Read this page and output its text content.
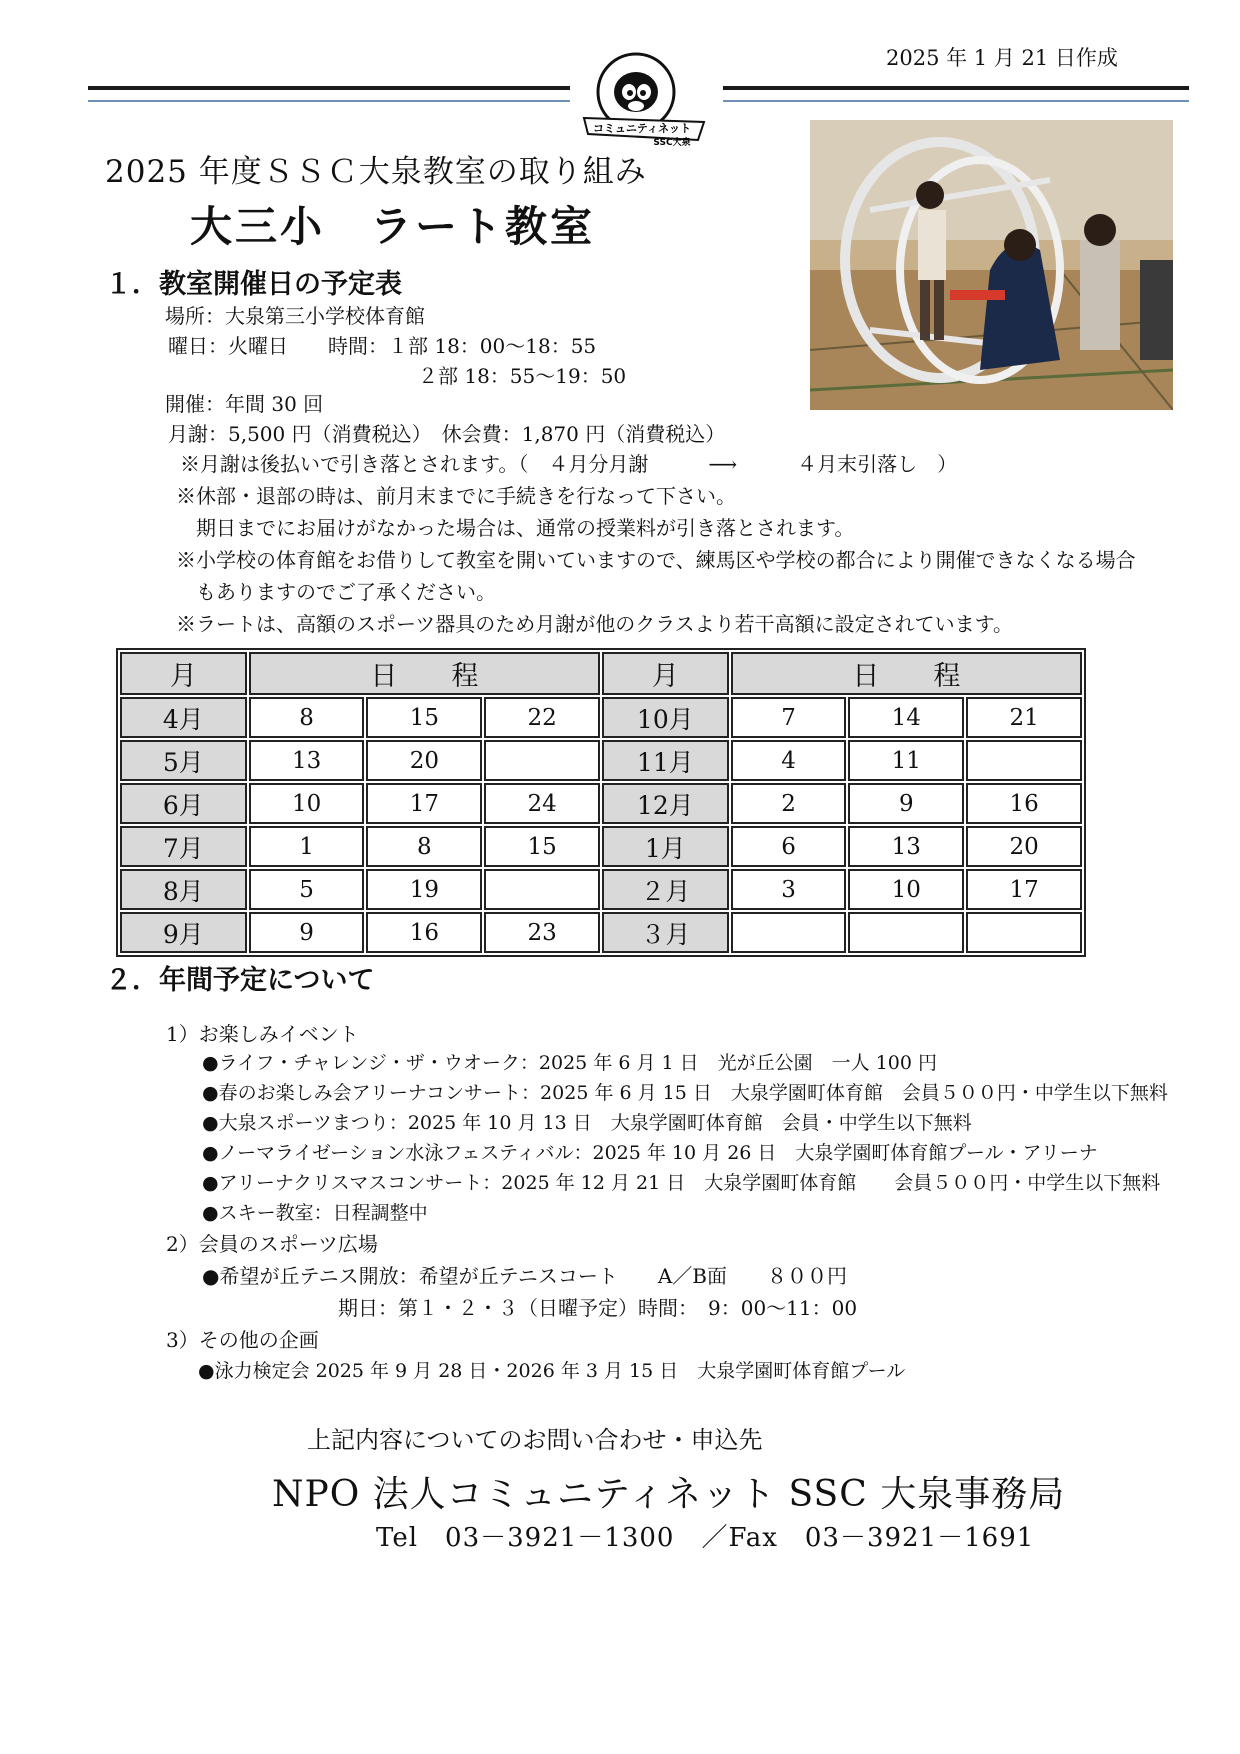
2025 年 1 月 21 日作成
コミュニティネット
SSC大泉
2025 年度ＳＳＣ大泉教室の取り組み
大三小　ラート教室
１．教室開催日の予定表
場所：大泉第三小学校体育館
曜日：火曜日　　時間：１部 18：00～18：55
２部 18：55～19：50
開催：年間 30 回
月謝：5,500 円（消費税込）　休会費：1,870 円（消費税込）
※月謝は後払いで引き落とされます。（　４月分月謝　　　⟶　　　４月末引落し　）
※休部・退部の時は、前月末までに手続きを行なって下さい。
期日までにお届けがなかった場合は、通常の授業料が引き落とされます。
※小学校の体育館をお借りして教室を開いていますので、練馬区や学校の都合により開催できなくなる場合
もありますのでご了承ください。
※ラートは、高額のスポーツ器具のため月謝が他のクラスより若干高額に設定されています。
月	日　　程			月	日　　程		
4月	8	15	22	10月	7	14	21
5月	13	20		11月	4	11	
6月	10	17	24	12月	2	9	16
7月	1	8	15	1月	6	13	20
8月	5	19		２月	3	10	17
9月	9	16	23	３月			
２．年間予定について
1）お楽しみイベント
●ライフ・チャレンジ・ザ・ウオーク：2025 年 6 月 1 日　光が丘公園　一人 100 円
●春のお楽しみ会アリーナコンサート：2025 年 6 月 15 日　大泉学園町体育館　会員５００円・中学生以下無料
●大泉スポーツまつり：2025 年 10 月 13 日　大泉学園町体育館　会員・中学生以下無料
●ノーマライゼーション水泳フェスティバル：2025 年 10 月 26 日　大泉学園町体育館プール・アリーナ
●アリーナクリスマスコンサート：2025 年 12 月 21 日　大泉学園町体育館　　会員５００円・中学生以下無料
●スキー教室：日程調整中
2）会員のスポーツ広場
●希望が丘テニス開放：希望が丘テニスコート　　A／B面　　８００円
期日：第１・２・３（日曜予定）時間：　9：00～11：00
3）その他の企画
●泳力検定会 2025 年 9 月 28 日・2026 年 3 月 15 日　大泉学園町体育館プール
上記内容についてのお問い合わせ・申込先
NPO 法人コミュニティネット SSC 大泉事務局
Tel　03－3921－1300　／Fax　03－3921－1691
